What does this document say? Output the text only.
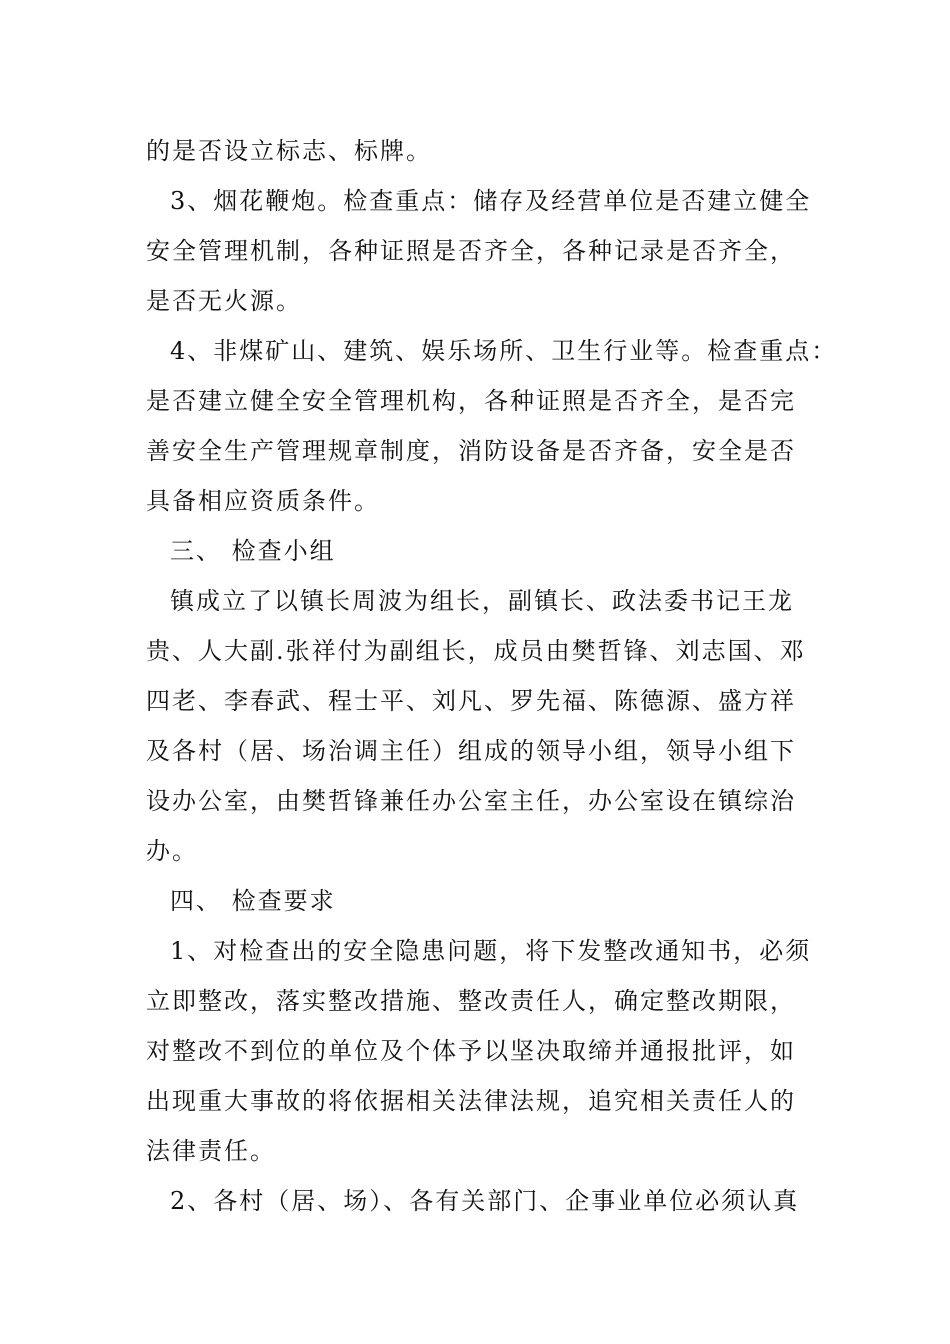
的是否设立标志、标牌。
3、烟花鞭炮。检查重点：储存及经营单位是否建立健全
安全管理机制，各种证照是否齐全，各种记录是否齐全，
是否无火源。
4、非煤矿山、建筑、娱乐场所、卫生行业等。检查重点：
是否建立健全安全管理机构，各种证照是否齐全，是否完
善安全生产管理规章制度，消防设备是否齐备，安全是否
具备相应资质条件。
三、 检查小组
镇成立了以镇长周波为组长，副镇长、政法委书记王龙
贵、人大副.张祥付为副组长，成员由樊哲锋、刘志国、邓
四老、李春武、程士平、刘凡、罗先福、陈德源、盛方祥
及各村（居、场治调主任）组成的领导小组，领导小组下
设办公室，由樊哲锋兼任办公室主任，办公室设在镇综治
办。
四、 检查要求
1、对检查出的安全隐患问题，将下发整改通知书，必须
立即整改，落实整改措施、整改责任人，确定整改期限，
对整改不到位的单位及个体予以坚决取缔并通报批评，如
出现重大事故的将依据相关法律法规，追究相关责任人的
法律责任。
2、各村（居、场）、各有关部门、企事业单位必须认真
